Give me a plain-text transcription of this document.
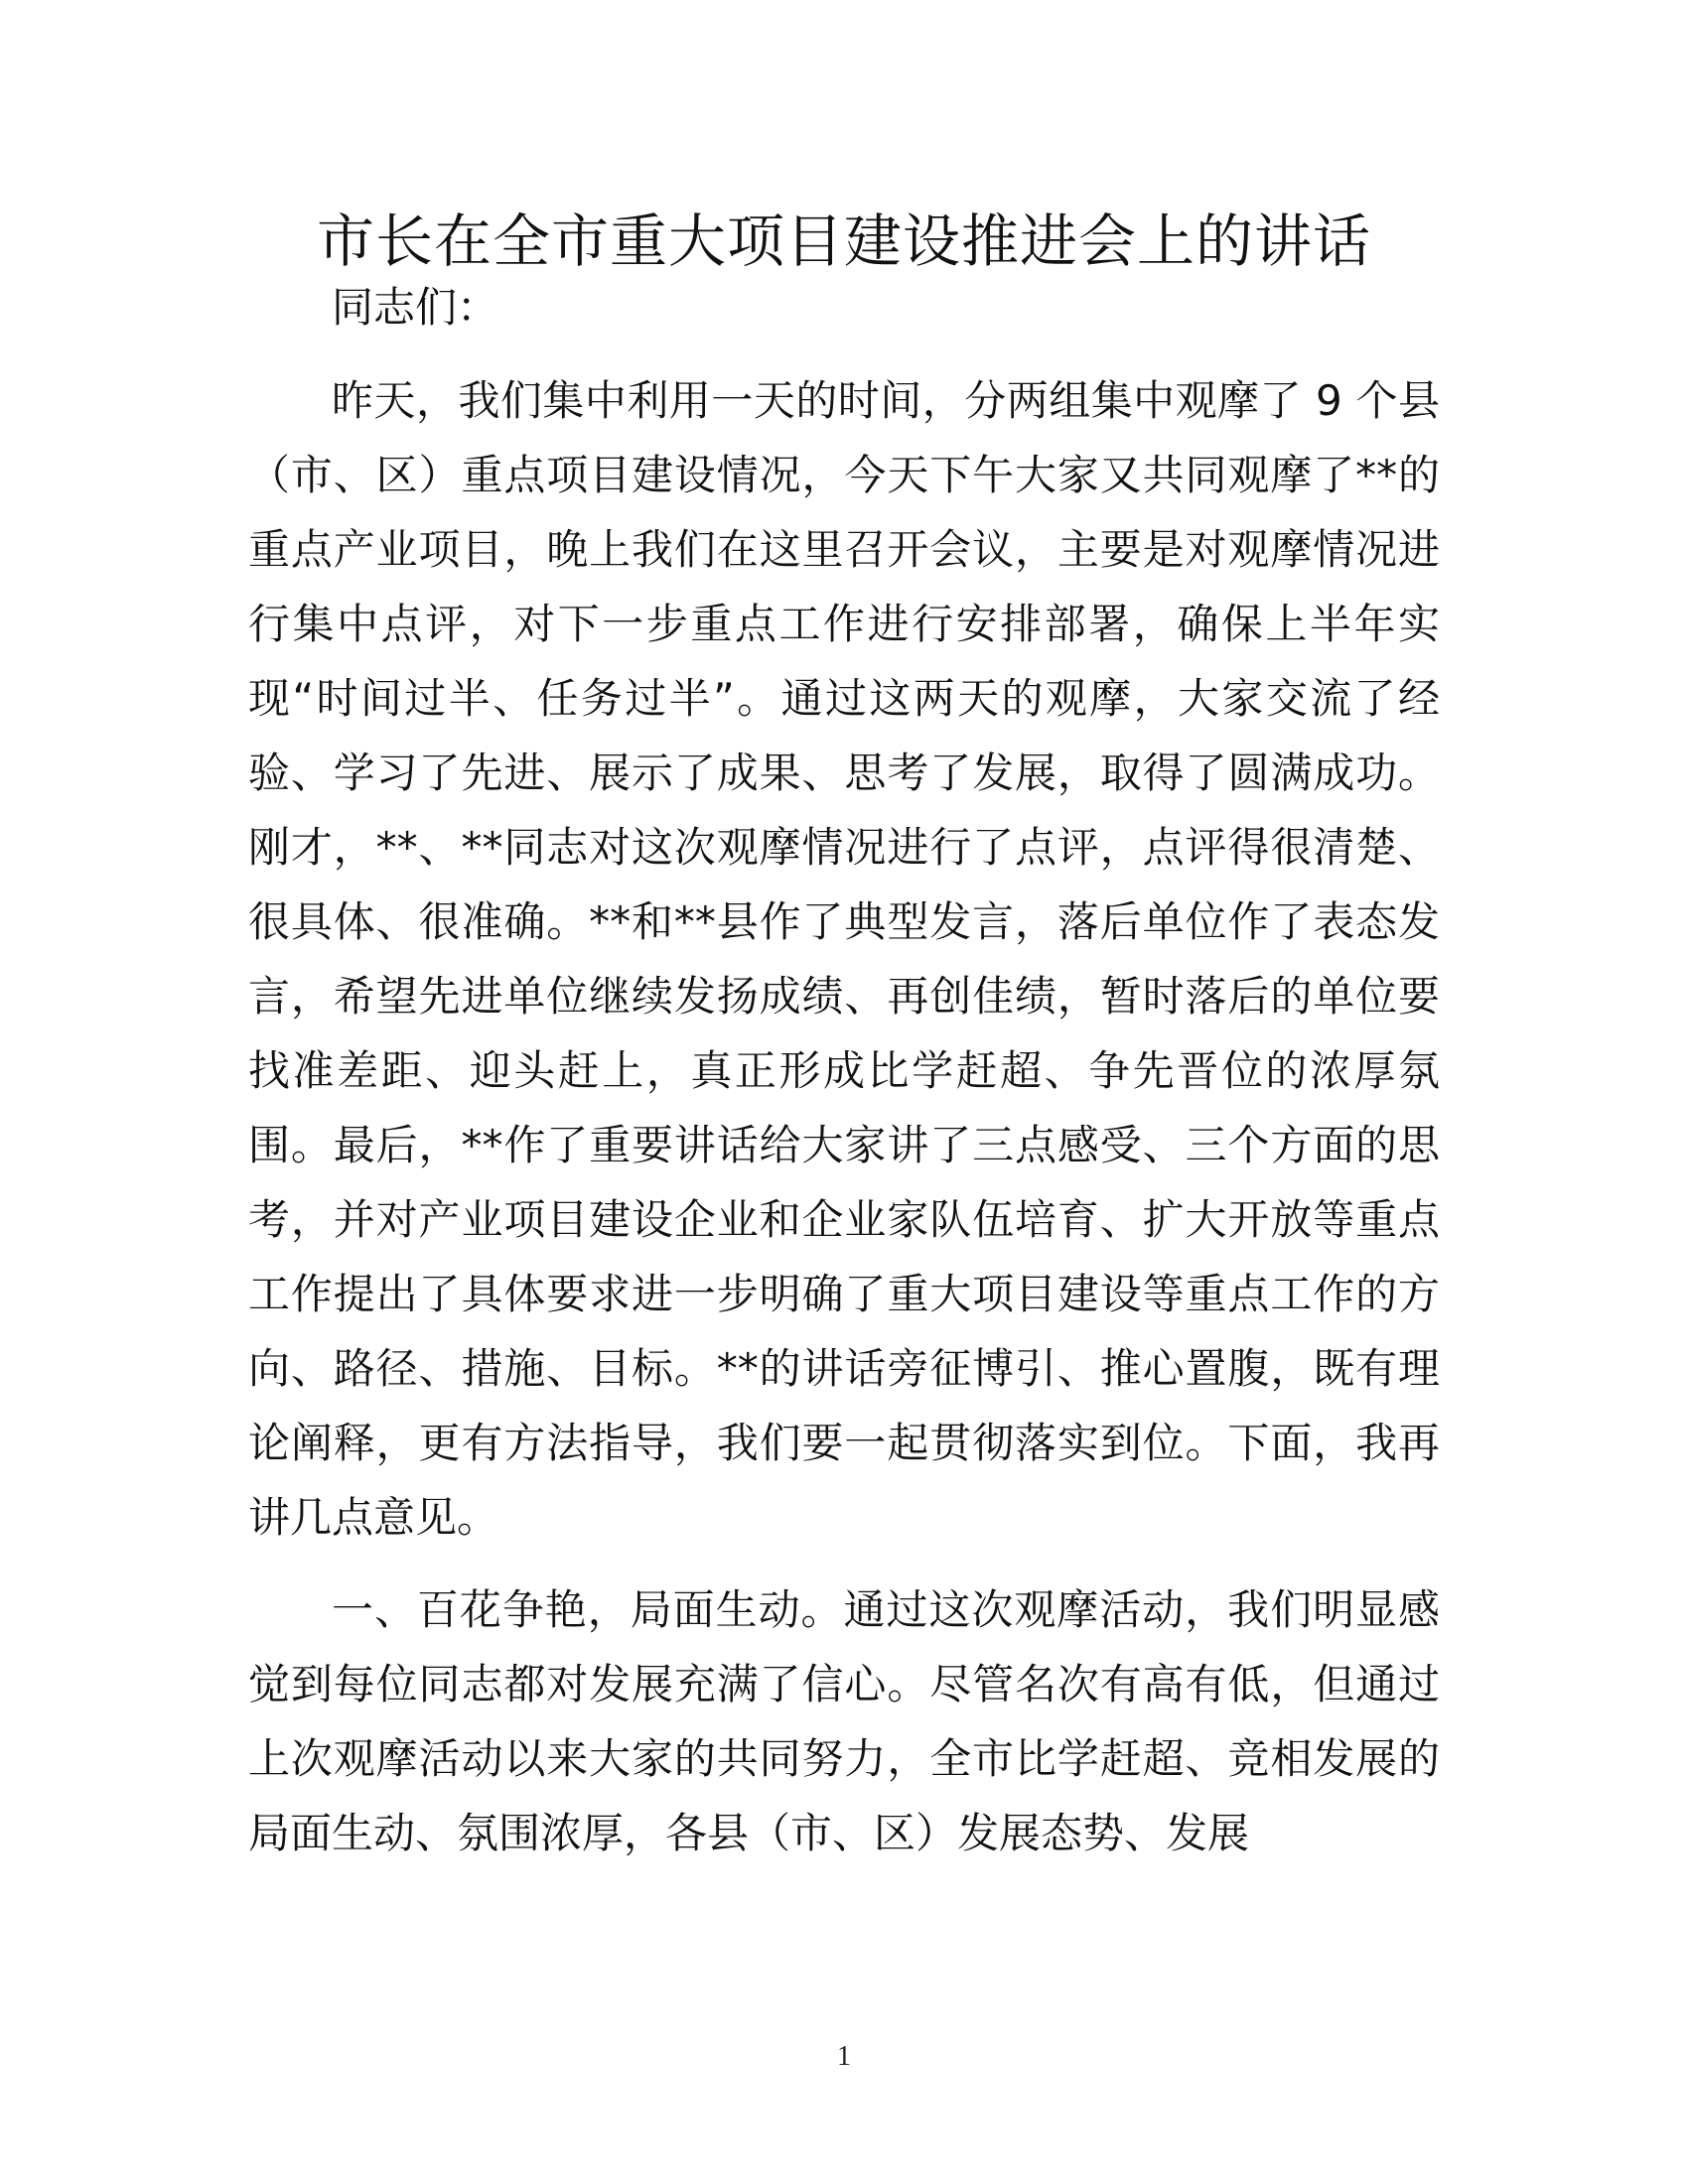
市长在全市重大项目建设推进会上的讲话

同志们：

昨天，我们集中利用一天的时间，分两组集中观摩了 9 个县（市、区）重点项目建设情况，今天下午大家又共同观摩了**的重点产业项目，晚上我们在这里召开会议，主要是对观摩情况进行集中点评，对下一步重点工作进行安排部署，确保上半年实现“时间过半、任务过半”。通过这两天的观摩，大家交流了经验、学习了先进、展示了成果、思考了发展，取得了圆满成功。刚才，**、**同志对这次观摩情况进行了点评，点评得很清楚、很具体、很准确。**和**县作了典型发言，落后单位作了表态发言，希望先进单位继续发扬成绩、再创佳绩，暂时落后的单位要找准差距、迎头赶上，真正形成比学赶超、争先晋位的浓厚氛围。最后，**作了重要讲话给大家讲了三点感受、三个方面的思考，并对产业项目建设企业和企业家队伍培育、扩大开放等重点工作提出了具体要求进一步明确了重大项目建设等重点工作的方向、路径、措施、目标。**的讲话旁征博引、推心置腹，既有理论阐释，更有方法指导，我们要一起贯彻落实到位。下面，我再讲几点意见。

一、百花争艳，局面生动。通过这次观摩活动，我们明显感觉到每位同志都对发展充满了信心。尽管名次有高有低，但通过上次观摩活动以来大家的共同努力，全市比学赶超、竞相发展的局面生动、氛围浓厚，各县（市、区）发展态势、发展

1
